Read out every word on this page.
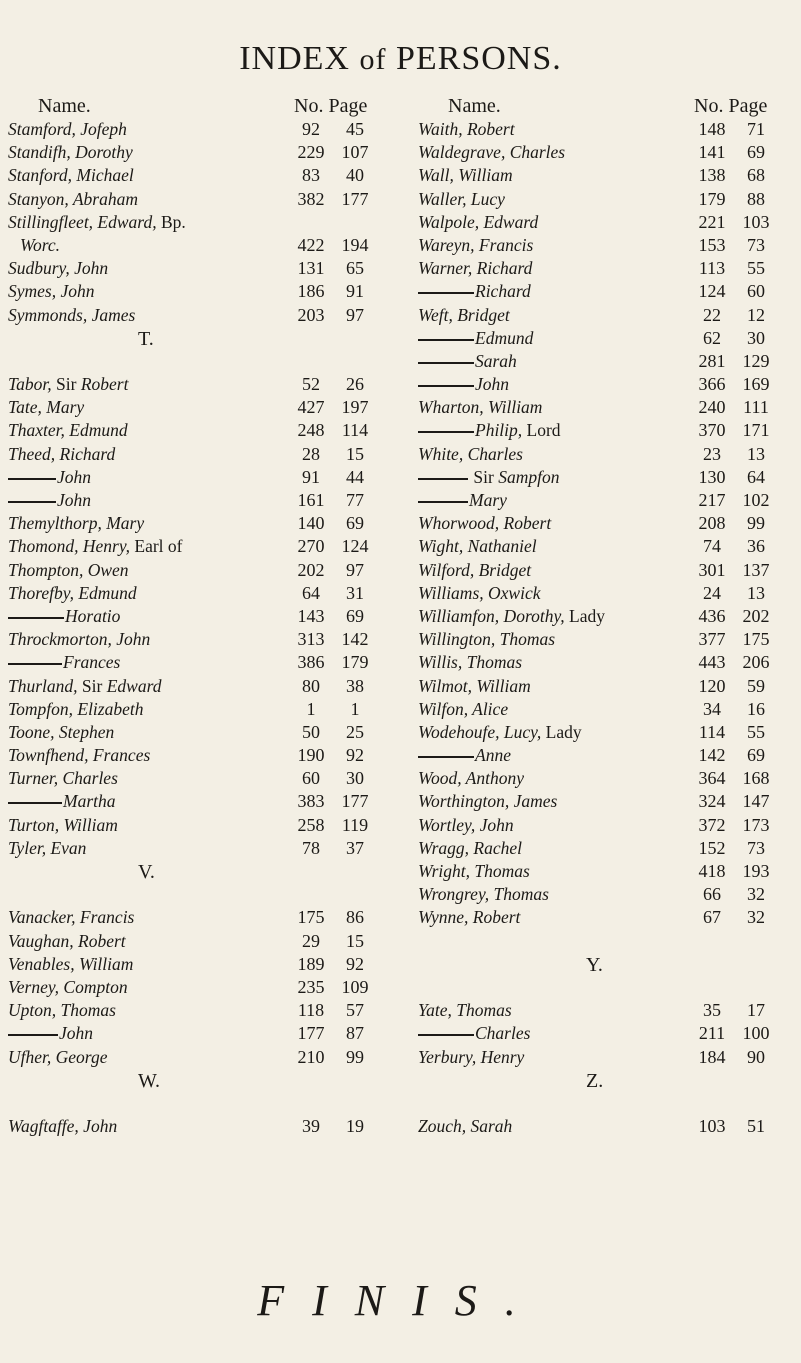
INDEX of PERSONS.
Name.	No. Page
Stamford, Jofeph	92	45
Standifh, Dorothy	229 107
Stanford, Michael	83	40
Stanyon, Abraham	382 177
Stillingfleet, Edward, Bp.
Worc.	422 194
Sudbury, John	131	65
Symes, John	186	91
Symmonds, James	203	97
T.
Tabor, Sir Robert	52	26
Tate, Mary	427 197
Thaxter, Edmund	248 114
Theed, Richard	28	15
John	91	44
John	161	77
Themylthorp, Mary	140	69
Thomond, Henry, Earl of	270 124
Thompton, Owen	202	97
Thorefby, Edmund	64	31
Horatio	143	69
Throckmorton, John	313 142
Frances	386 179
Thurland, Sir Edward	80	38
Tompfon, Elizabeth	1	1
Toone, Stephen	50	25
Townfhend, Frances	190	92
Turner, Charles	60	30
Martha	383 177
Turton, William	258 119
Tyler, Evan	78	37
V.
Vanacker, Francis	175	86
Vaughan, Robert	29	15
Venables, William	189	92
Verney, Compton	235 109
Upton, Thomas	118	57
John	177	87
Ufher, George	210	99
W.
Wagftaffe, John	39	19
Name.	No. Page
Waith, Robert	148	71
Waldegrave, Charles	141	69
Wall, William	138	68
Waller, Lucy	179	88
Walpole, Edward	221 103
Wareyn, Francis	153	73
Warner, Richard	113	55
Richard	124	60
Weft, Bridget	22	12
Edmund	62	30
Sarah	281 129
John	366 169
Wharton, William	240 111
Philip, Lord	370 171
White, Charles	23	13
Sir Sampfon	130	64
Mary	217 102
Whorwood, Robert	208	99
Wight, Nathaniel	74	36
Wilford, Bridget	301 137
Williams, Oxwick	24	13
Williamfon, Dorothy, Lady	436 202
Willington, Thomas	377 175
Willis, Thomas	443 206
Wilmot, William	120	59
Wilfon, Alice	34	16
Wodehoufe, Lucy, Lady	114	55
Anne	142	69
Wood, Anthony	364 168
Worthington, James	324 147
Wortley, John	372 173
Wragg, Rachel	152	73
Wright, Thomas	418 193
Wrongrey, Thomas	66	32
Wynne, Robert	67	32
Y.
Yate, Thomas	35	17
Charles	211 100
Yerbury, Henry	184	90
Z.
Zouch, Sarah	103	51
FINIS.
